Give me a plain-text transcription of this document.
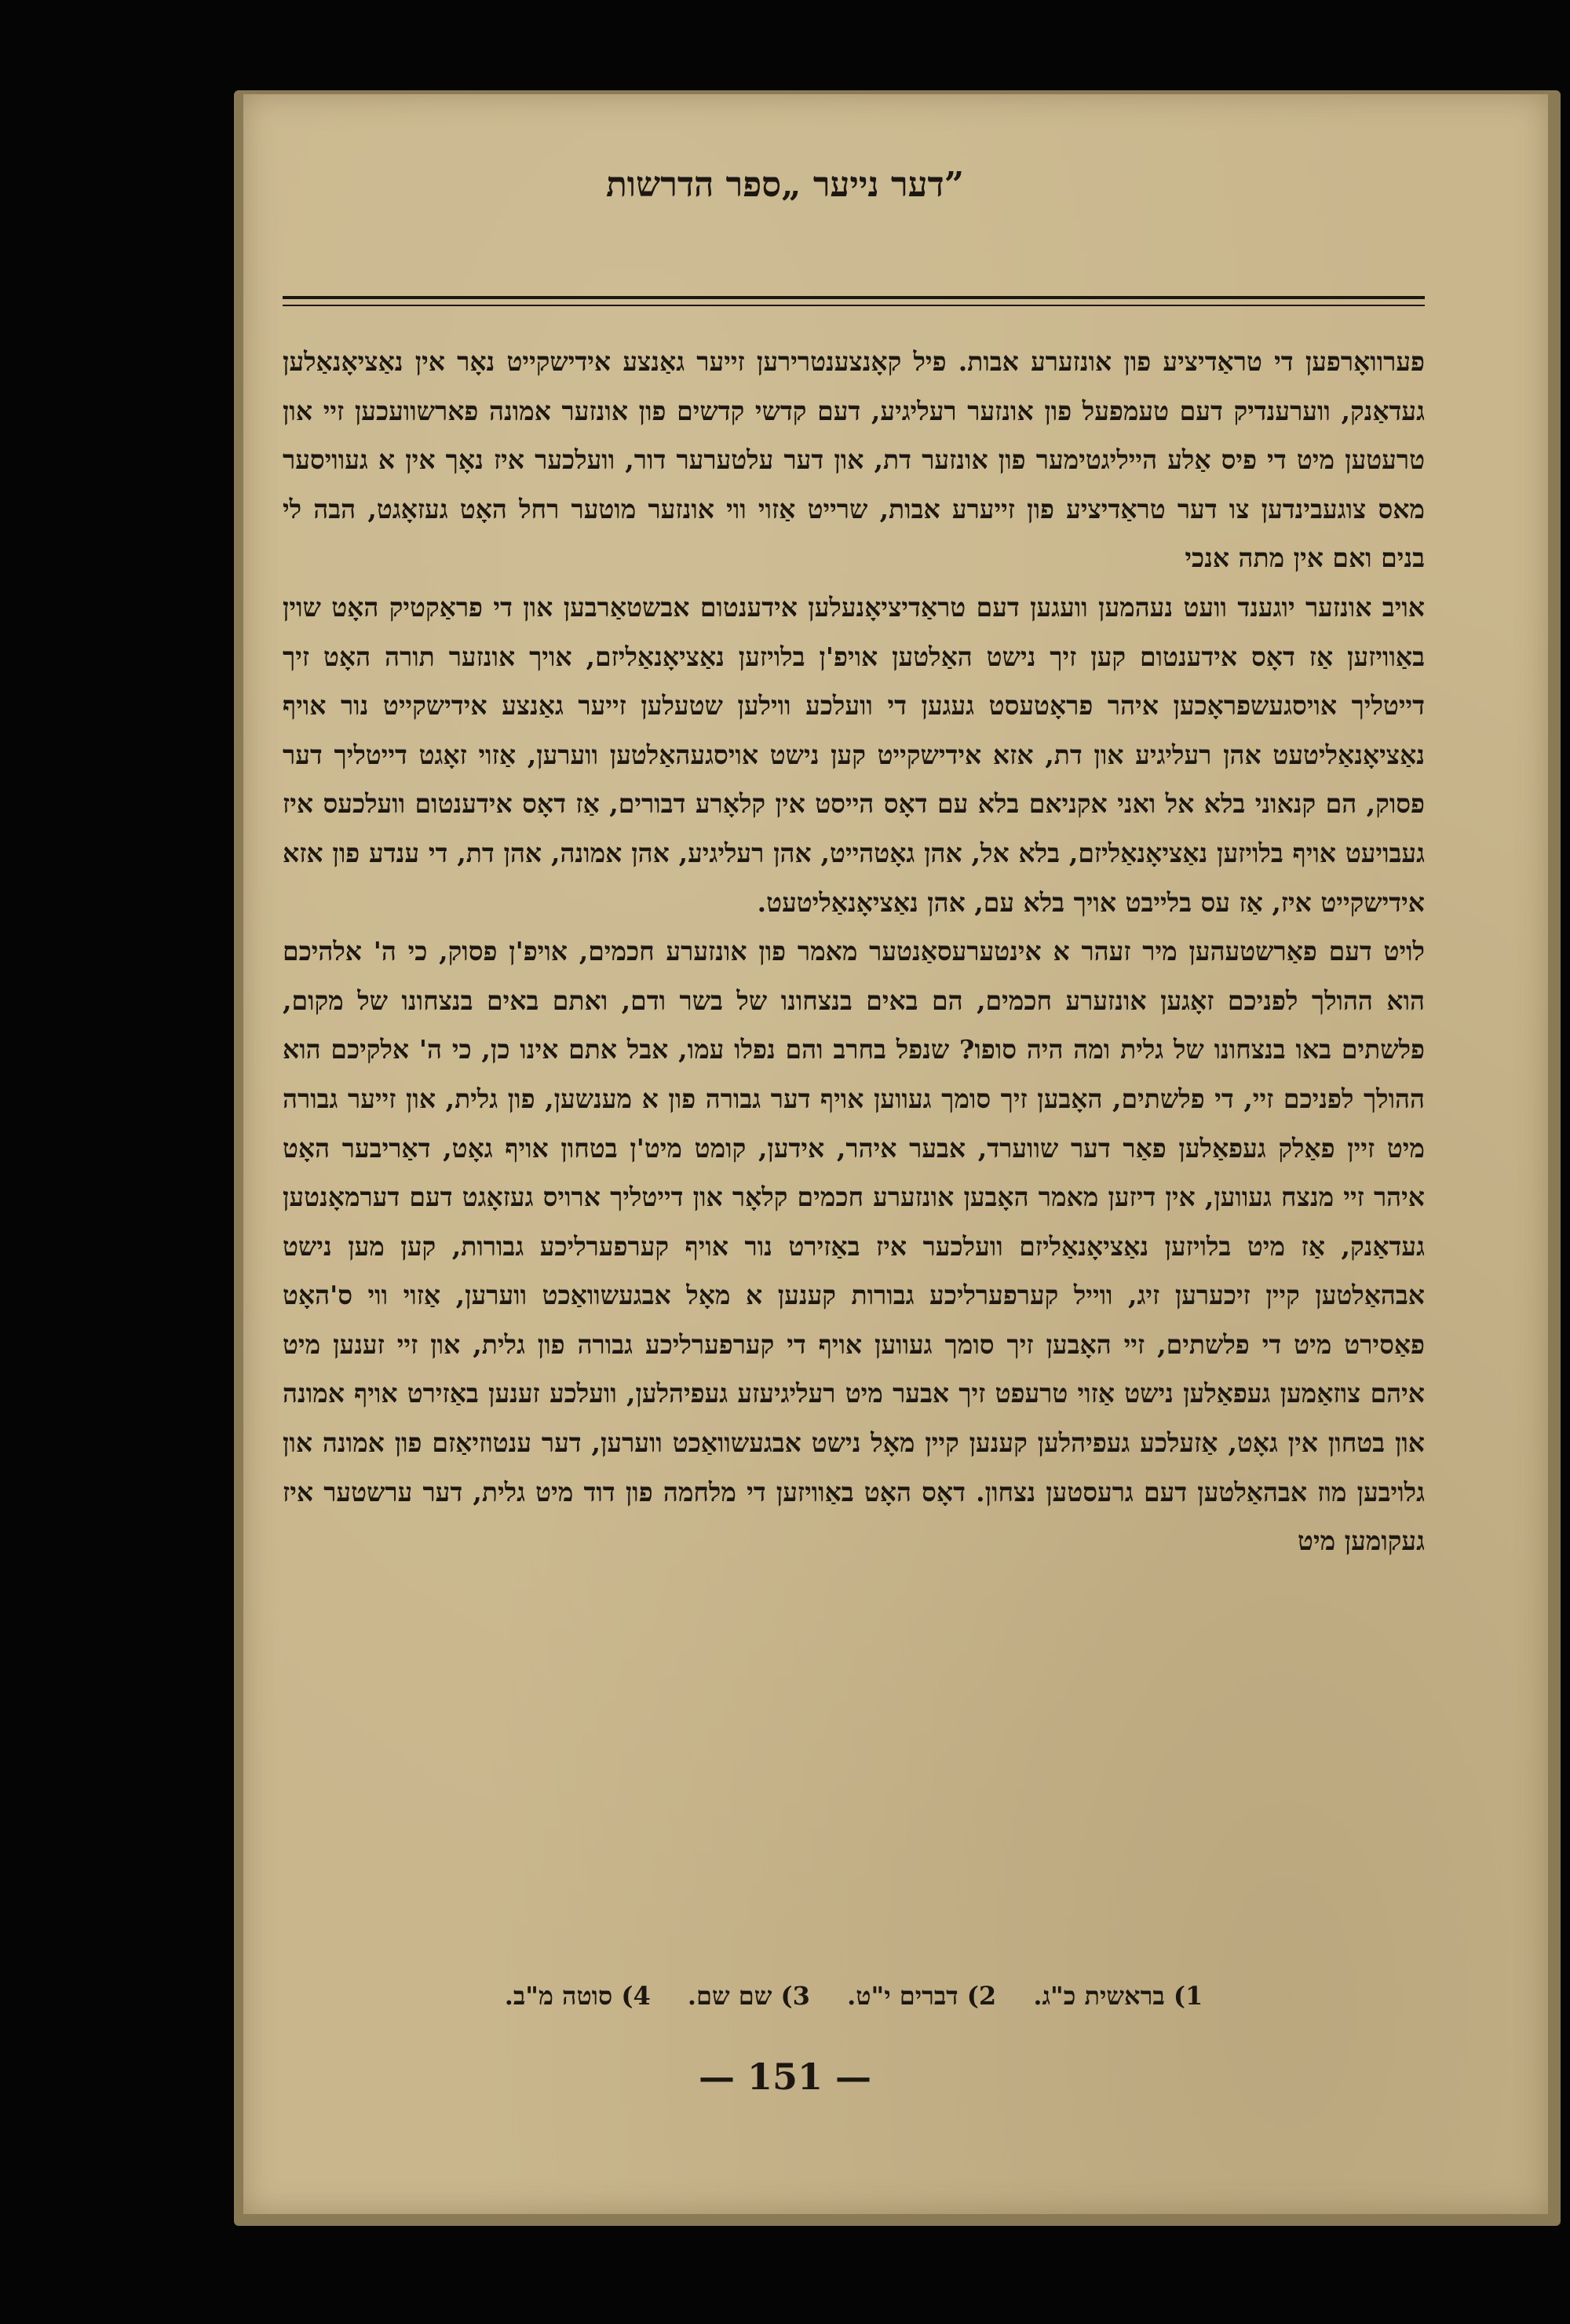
דער נייער „ספר הדרשות”

פערוואָרפען די טראַדיציע פון אונזערע אבות. פיל קאָנצענטרירען זייער גאַנצע אידישקייט נאָר אין נאַציאָנאַלען געדאַנק, ווערענדיק דעם טעמפעל פון אונזער רעליגיע, דעם קדשי קדשים פון אונזער אמונה פארשוועכען זיי און טרעטען מיט די פיס אַלע הייליגטימער פון אונזער דת, און דער עלטערער דור, וועלכער איז נאָך אין א געוויסער מאס צוגעבינדען צו דער טראַדיציע פון זייערע אבות, שרייט אַזוי ווי אונזער מוטער רחל האָט געזאָגט, הבה לי בנים ואם אין מתה אנכי

אויב אונזער יוגענד וועט נעהמען וועגען דעם טראַדיציאָנעלען אידענטום אבשטאַרבען און די פראַקטיק האָט שוין באַוויזען אַז דאָס אידענטום קען זיך נישט האַלטען אויפ'ן בלויזען נאַציאָנאַליזם, אויך אונזער תורה האָט זיך דייטליך אויסגעשפראָכען איהר פראָטעסט געגען די וועלכע ווילען שטעלען זייער גאַנצע אידישקייט נור אויף נאַציאָנאַליטעט אהן רעליגיע און דת, אזא אידישקייט קען נישט אויסגעהאַלטען ווערען, אַזוי זאָגט דייטליך דער פסוק, הם קנאוני בלא אל ואני אקניאם בלא עם דאָס הייסט אין קלאָרע דבורים, אַז דאָס אידענטום וועלכעס איז געבויעט אויף בלויזען נאַציאָנאַליזם, בלא אל, אהן גאָטהייט, אהן רעליגיע, אהן אמונה, אהן דת, די ענדע פון אזא אידישקייט איז, אַז עס בלייבט אויך בלא עם, אהן נאַציאָנאַליטעט.

לויט דעם פאַרשטעהען מיר זעהר א אינטערעסאַנטער מאמר פון אונזערע חכמים, אויפ'ן פסוק, כי ה' אלהיכם הוא ההולך לפניכם זאָגען אונזערע חכמים, הם באים בנצחונו של בשר ודם, ואתם באים בנצחונו של מקום, פלשתים באו בנצחונו של גלית ומה היה סופו? שנפל בחרב והם נפלו עמו, אבל אתם אינו כן, כי ה' אלקיכם הוא ההולך לפניכם זיי, די פלשתים, האָבען זיך סומך געווען אויף דער גבורה פון א מענשען, פון גלית, און זייער גבורה מיט זיין פאַלק געפאַלען פאַר דער שווערד, אבער איהר, אידען, קומט מיט'ן בטחון אויף גאָט, דאַריבער האָט איהר זיי מנצח געווען, אין דיזען מאמר האָבען אונזערע חכמים קלאָר און דייטליך ארויס געזאָגט דעם דערמאָנטען געדאַנק, אַז מיט בלויזען נאַציאָנאַליזם וועלכער איז באַזירט נור אויף קערפערליכע גבורות, קען מען נישט אבהאַלטען קיין זיכערען זיג, ווייל קערפערליכע גבורות קענען א מאָל אבגעשוואַכט ווערען, אַזוי ווי ס'האָט פאַסירט מיט די פלשתים, זיי האָבען זיך סומך געווען אויף די קערפערליכע גבורה פון גלית, און זיי זענען מיט איהם צוזאַמען געפאַלען נישט אַזוי טרעפט זיך אבער מיט רעליגיעזע געפיהלען, וועלכע זענען באַזירט אויף אמונה און בטחון אין גאָט, אַזעלכע געפיהלען קענען קיין מאָל נישט אבגעשוואַכט ווערען, דער ענטוזיאַזם פון אמונה און גלויבען מוז אבהאַלטען דעם גרעסטען נצחון. דאָס האָט באַוויזען די מלחמה פון דוד מיט גלית, דער ערשטער איז געקומען מיט

1) בראשית כ"ג. 2) דברים י"ט. 3) שם שם. 4) סוטה מ"ב.
— 151 —
